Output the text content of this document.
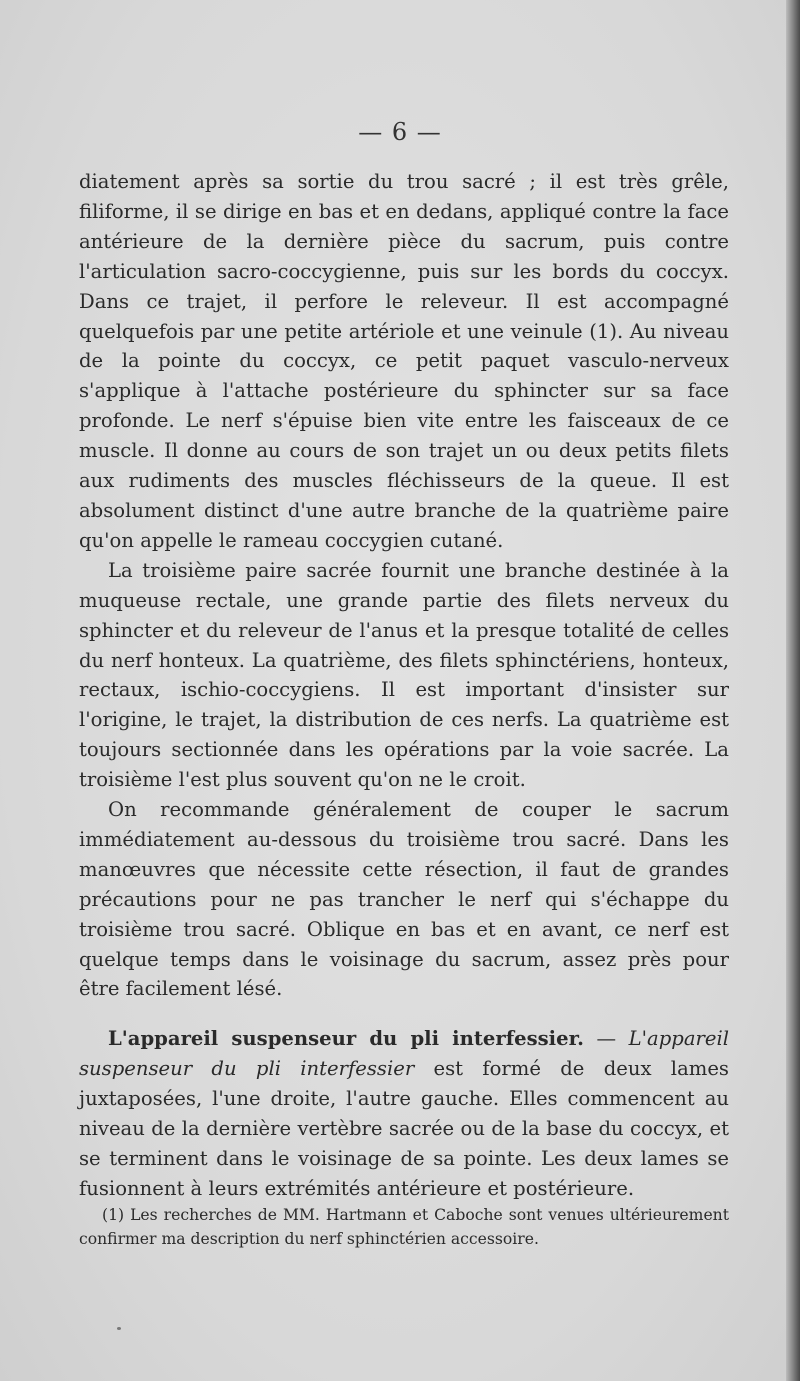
— 6 —

diatement après sa sortie du trou sacré ; il est très grêle, filiforme, il se dirige en bas et en dedans, appliqué contre la face antérieure de la dernière pièce du sacrum, puis contre l'articulation sacro-coccygienne, puis sur les bords du coccyx. Dans ce trajet, il perfore le releveur. Il est accompagné quelquefois par une petite artériole et une veinule (1). Au niveau de la pointe du coccyx, ce petit paquet vasculo-nerveux s'applique à l'attache postérieure du sphincter sur sa face profonde. Le nerf s'épuise bien vite entre les faisceaux de ce muscle. Il donne au cours de son trajet un ou deux petits filets aux rudiments des muscles fléchisseurs de la queue. Il est absolument distinct d'une autre branche de la quatrième paire qu'on appelle le rameau coccygien cutané.

La troisième paire sacrée fournit une branche destinée à la muqueuse rectale, une grande partie des filets nerveux du sphincter et du releveur de l'anus et la presque totalité de celles du nerf honteux. La quatrième, des filets sphinctériens, honteux, rectaux, ischio-coccygiens. Il est important d'insister sur l'origine, le trajet, la distribution de ces nerfs. La quatrième est toujours sectionnée dans les opérations par la voie sacrée. La troisième l'est plus souvent qu'on ne le croit.

On recommande généralement de couper le sacrum immédiatement au-dessous du troisième trou sacré. Dans les manœuvres que nécessite cette résection, il faut de grandes précautions pour ne pas trancher le nerf qui s'échappe du troisième trou sacré. Oblique en bas et en avant, ce nerf est quelque temps dans le voisinage du sacrum, assez près pour être facilement lésé.

L'appareil suspenseur du pli interfessier. — L'appareil suspenseur du pli interfessier est formé de deux lames juxtaposées, l'une droite, l'autre gauche. Elles commencent au niveau de la dernière vertèbre sacrée ou de la base du coccyx, et se terminent dans le voisinage de sa pointe. Les deux lames se fusionnent à leurs extrémités antérieure et postérieure.

(1) Les recherches de MM. Hartmann et Caboche sont venues ultérieurement confirmer ma description du nerf sphinctérien accessoire.
